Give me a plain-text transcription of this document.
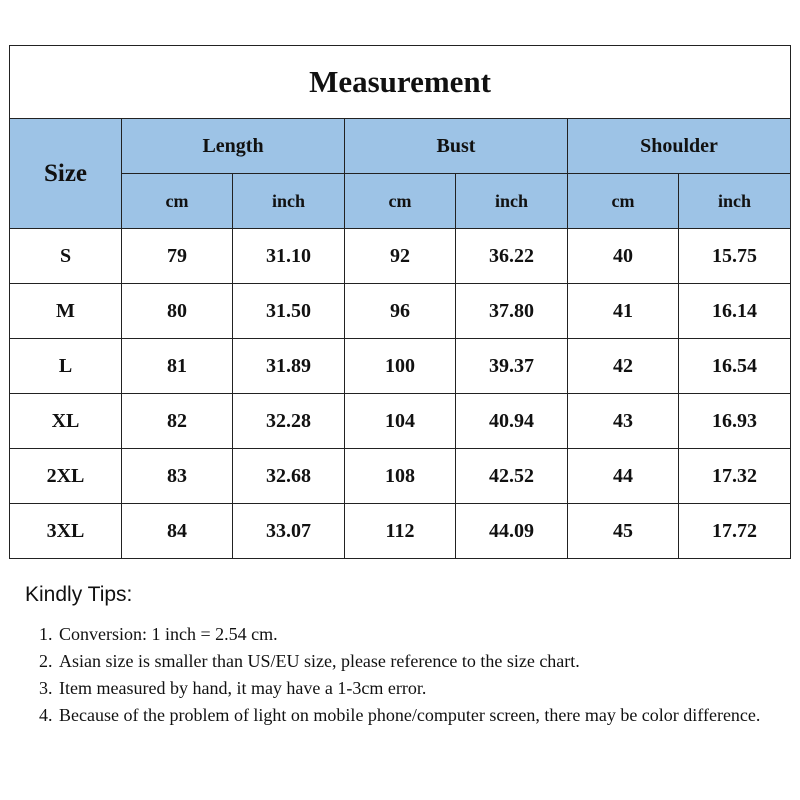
Measurement						
Size	Length		Bust		Shoulder	
	cm	inch	cm	inch	cm	inch
S	79	31.10	92	36.22	40	15.75
M	80	31.50	96	37.80	41	16.14
L	81	31.89	100	39.37	42	16.54
XL	82	32.28	104	40.94	43	16.93
2XL	83	32.68	108	42.52	44	17.32
3XL	84	33.07	112	44.09	45	17.72

Kindly Tips:

1. Conversion: 1 inch = 2.54 cm.
2. Asian size is smaller than US/EU size, please reference to the size chart.
3. Item measured by hand, it may have a 1-3cm error.
4. Because of the problem of light on mobile phone/computer screen, there may be color difference.
